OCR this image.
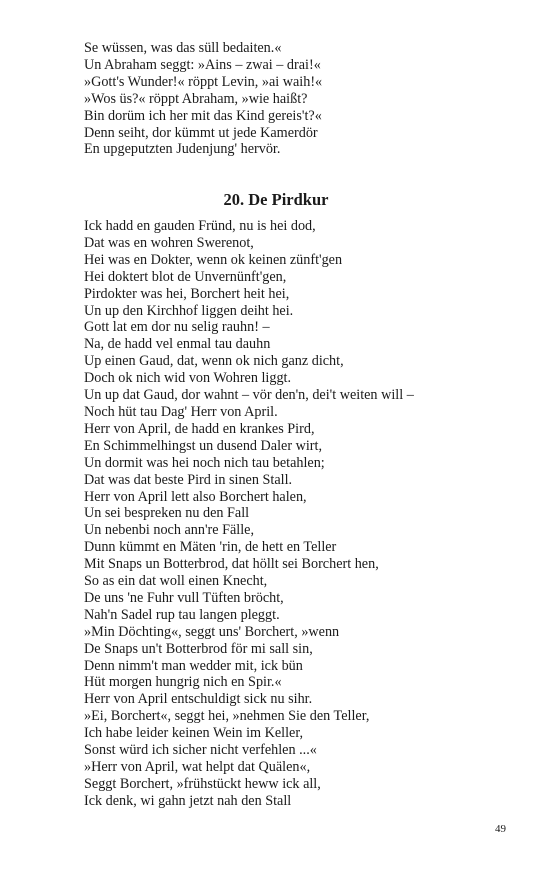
Se wüssen, was das süll bedaiten.«
Un Abraham seggt: »Ains – zwai – drai!«
»Gott's Wunder!« röppt Levin, »ai waih!«
»Wos üs?« röppt Abraham, »wie haißt?
Bin dorüm ich her mit das Kind gereis't?«
Denn seiht, dor kümmt ut jede Kamerdör
En upgeputzten Judenjung' hervör.
20. De Pirdkur
Ick hadd en gauden Fründ, nu is hei dod,
Dat was en wohren Swerenot,
Hei was en Dokter, wenn ok keinen zünft'gen
Hei doktert blot de Unvernünft'gen,
Pirdokter was hei, Borchert heit hei,
Un up den Kirchhof liggen deiht hei.
Gott lat em dor nu selig rauhn! –
Na, de hadd vel enmal tau dauhn
Up einen Gaud, dat, wenn ok nich ganz dicht,
Doch ok nich wid von Wohren liggt.
Un up dat Gaud, dor wahnt – vör den'n, dei't weiten will –
Noch hüt tau Dag' Herr von April.
Herr von April, de hadd en krankes Pird,
En Schimmelhingst un dusend Daler wirt,
Un dormit was hei noch nich tau betahlen;
Dat was dat beste Pird in sinen Stall.
Herr von April lett also Borchert halen,
Un sei bespreken nu den Fall
Un nebenbi noch ann're Fälle,
Dunn kümmt en Mäten 'rin, de hett en Teller
Mit Snaps un Botterbrod, dat höllt sei Borchert hen,
So as ein dat woll einen Knecht,
De uns 'ne Fuhr vull Tüften bröcht,
Nah'n Sadel rup tau langen pleggt.
»Min Döchting«, seggt uns' Borchert, »wenn
De Snaps un't Botterbrod för mi sall sin,
Denn nimm't man wedder mit, ick bün
Hüt morgen hungrig nich en Spir.«
Herr von April entschuldigt sick nu sihr.
»Ei, Borchert«, seggt hei, »nehmen Sie den Teller,
Ich habe leider keinen Wein im Keller,
Sonst würd ich sicher nicht verfehlen ...«
»Herr von April, wat helpt dat Quälen«,
Seggt Borchert, »frühstückt heww ick all,
Ick denk, wi gahn jetzt nah den Stall
49
